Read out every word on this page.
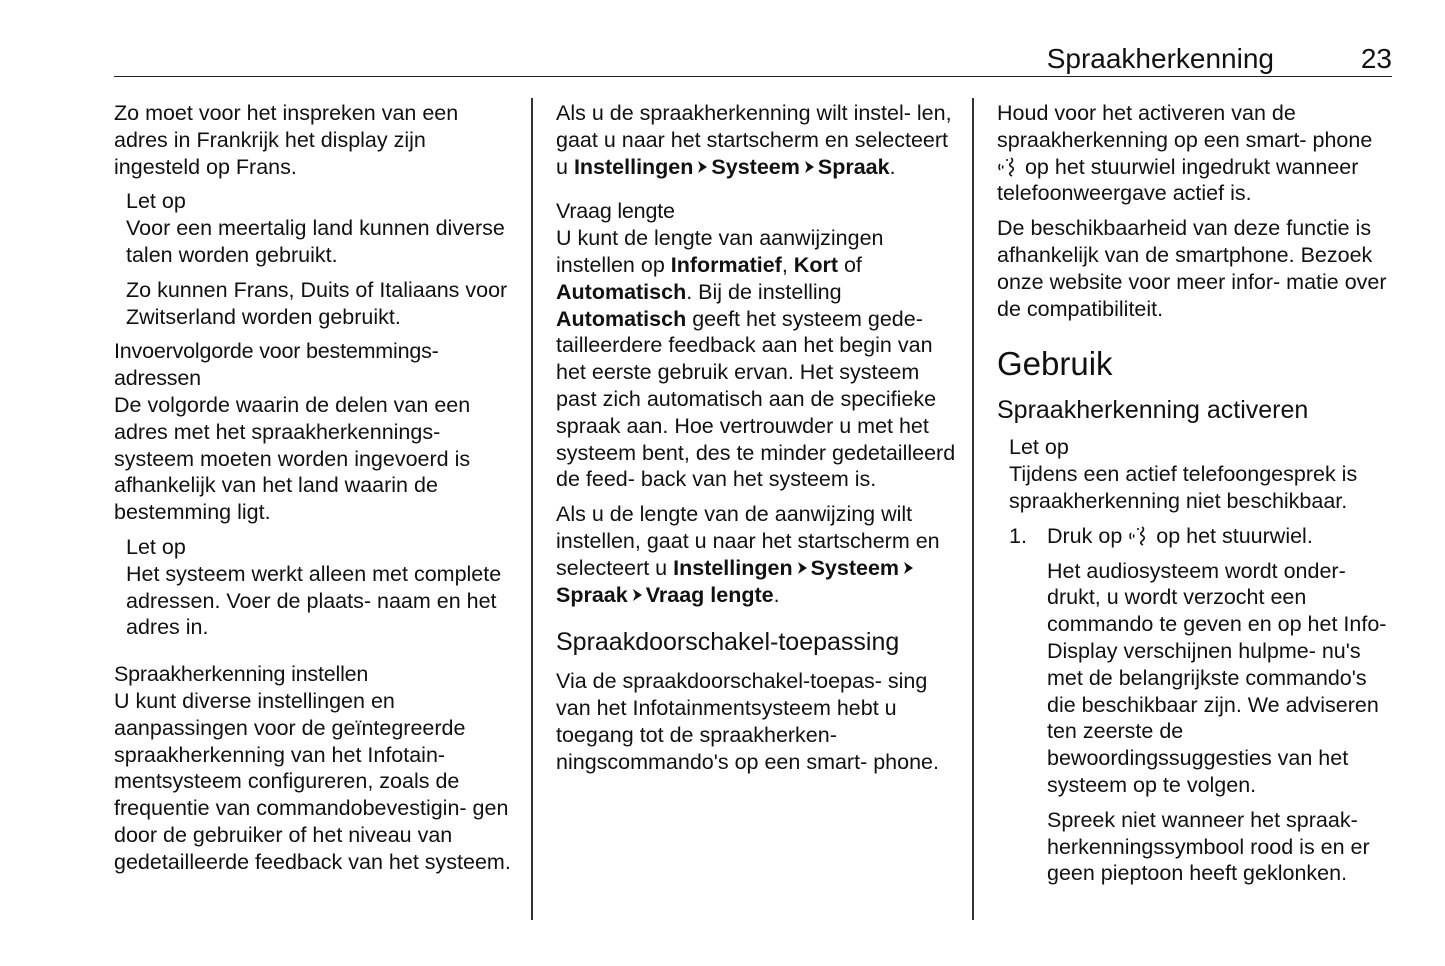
Spraakherkenning	23

Zo moet voor het inspreken van een adres in Frankrijk het display zijn ingesteld op Frans.

Let op

Voor een meertalig land kunnen diverse talen worden gebruikt.

Zo kunnen Frans, Duits of Italiaans voor Zwitserland worden gebruikt.

Invoervolgorde voor bestemmings-
adressen

De volgorde waarin de delen van een adres met het spraakherkennings- systeem moeten worden ingevoerd is afhankelijk van het land waarin de bestemming ligt.

Let op

Het systeem werkt alleen met complete adressen. Voer de plaats- naam en het adres in.

Spraakherkenning instellen

U kunt diverse instellingen en aanpassingen voor de geïntegreerde spraakherkenning van het Infotain- mentsysteem configureren, zoals de frequentie van commandobevestigin- gen door de gebruiker of het niveau van gedetailleerde feedback van het systeem.

Als u de spraakherkenning wilt instel- len, gaat u naar het startscherm en selecteert u Instellingen Systeem Spraak.

Vraag lengte

U kunt de lengte van aanwijzingen instellen op Informatief, Kort of Automatisch. Bij de instelling Automatisch geeft het systeem gede- tailleerdere feedback aan het begin van het eerste gebruik ervan. Het systeem past zich automatisch aan de specifieke spraak aan. Hoe vertrouwder u met het systeem bent, des te minder gedetailleerd de feed- back van het systeem is.

Als u de lengte van de aanwijzing wilt instellen, gaat u naar het startscherm en selecteert u Instellingen SysteemSpraak Vraag lengte.

Spraakdoorschakel-toepassing

Via de spraakdoorschakel-toepas- sing van het Infotainmentsysteem hebt u toegang tot de spraakherken- ningscommando's op een smart- phone.

Houd voor het activeren van de spraakherkenning op een smart- phone  op het stuurwiel ingedrukt wanneer telefoonweergave actief is.

De beschikbaarheid van deze functie is afhankelijk van de smartphone. Bezoek onze website voor meer infor- matie over de compatibiliteit.

Gebruik
Spraakherkenning activeren
Let op

Tijdens een actief telefoongesprek is spraakherkenning niet beschikbaar.

1. Druk op  op het stuurwiel.

Het audiosysteem wordt onder- drukt, u wordt verzocht een commando te geven en op het Info-Display verschijnen hulpme- nu's met de belangrijkste commando's die beschikbaar zijn. We adviseren ten zeerste de bewoordingssuggesties van het systeem op te volgen.

Spreek niet wanneer het spraak- herkenningssymbool rood is en er geen pieptoon heeft geklonken.
